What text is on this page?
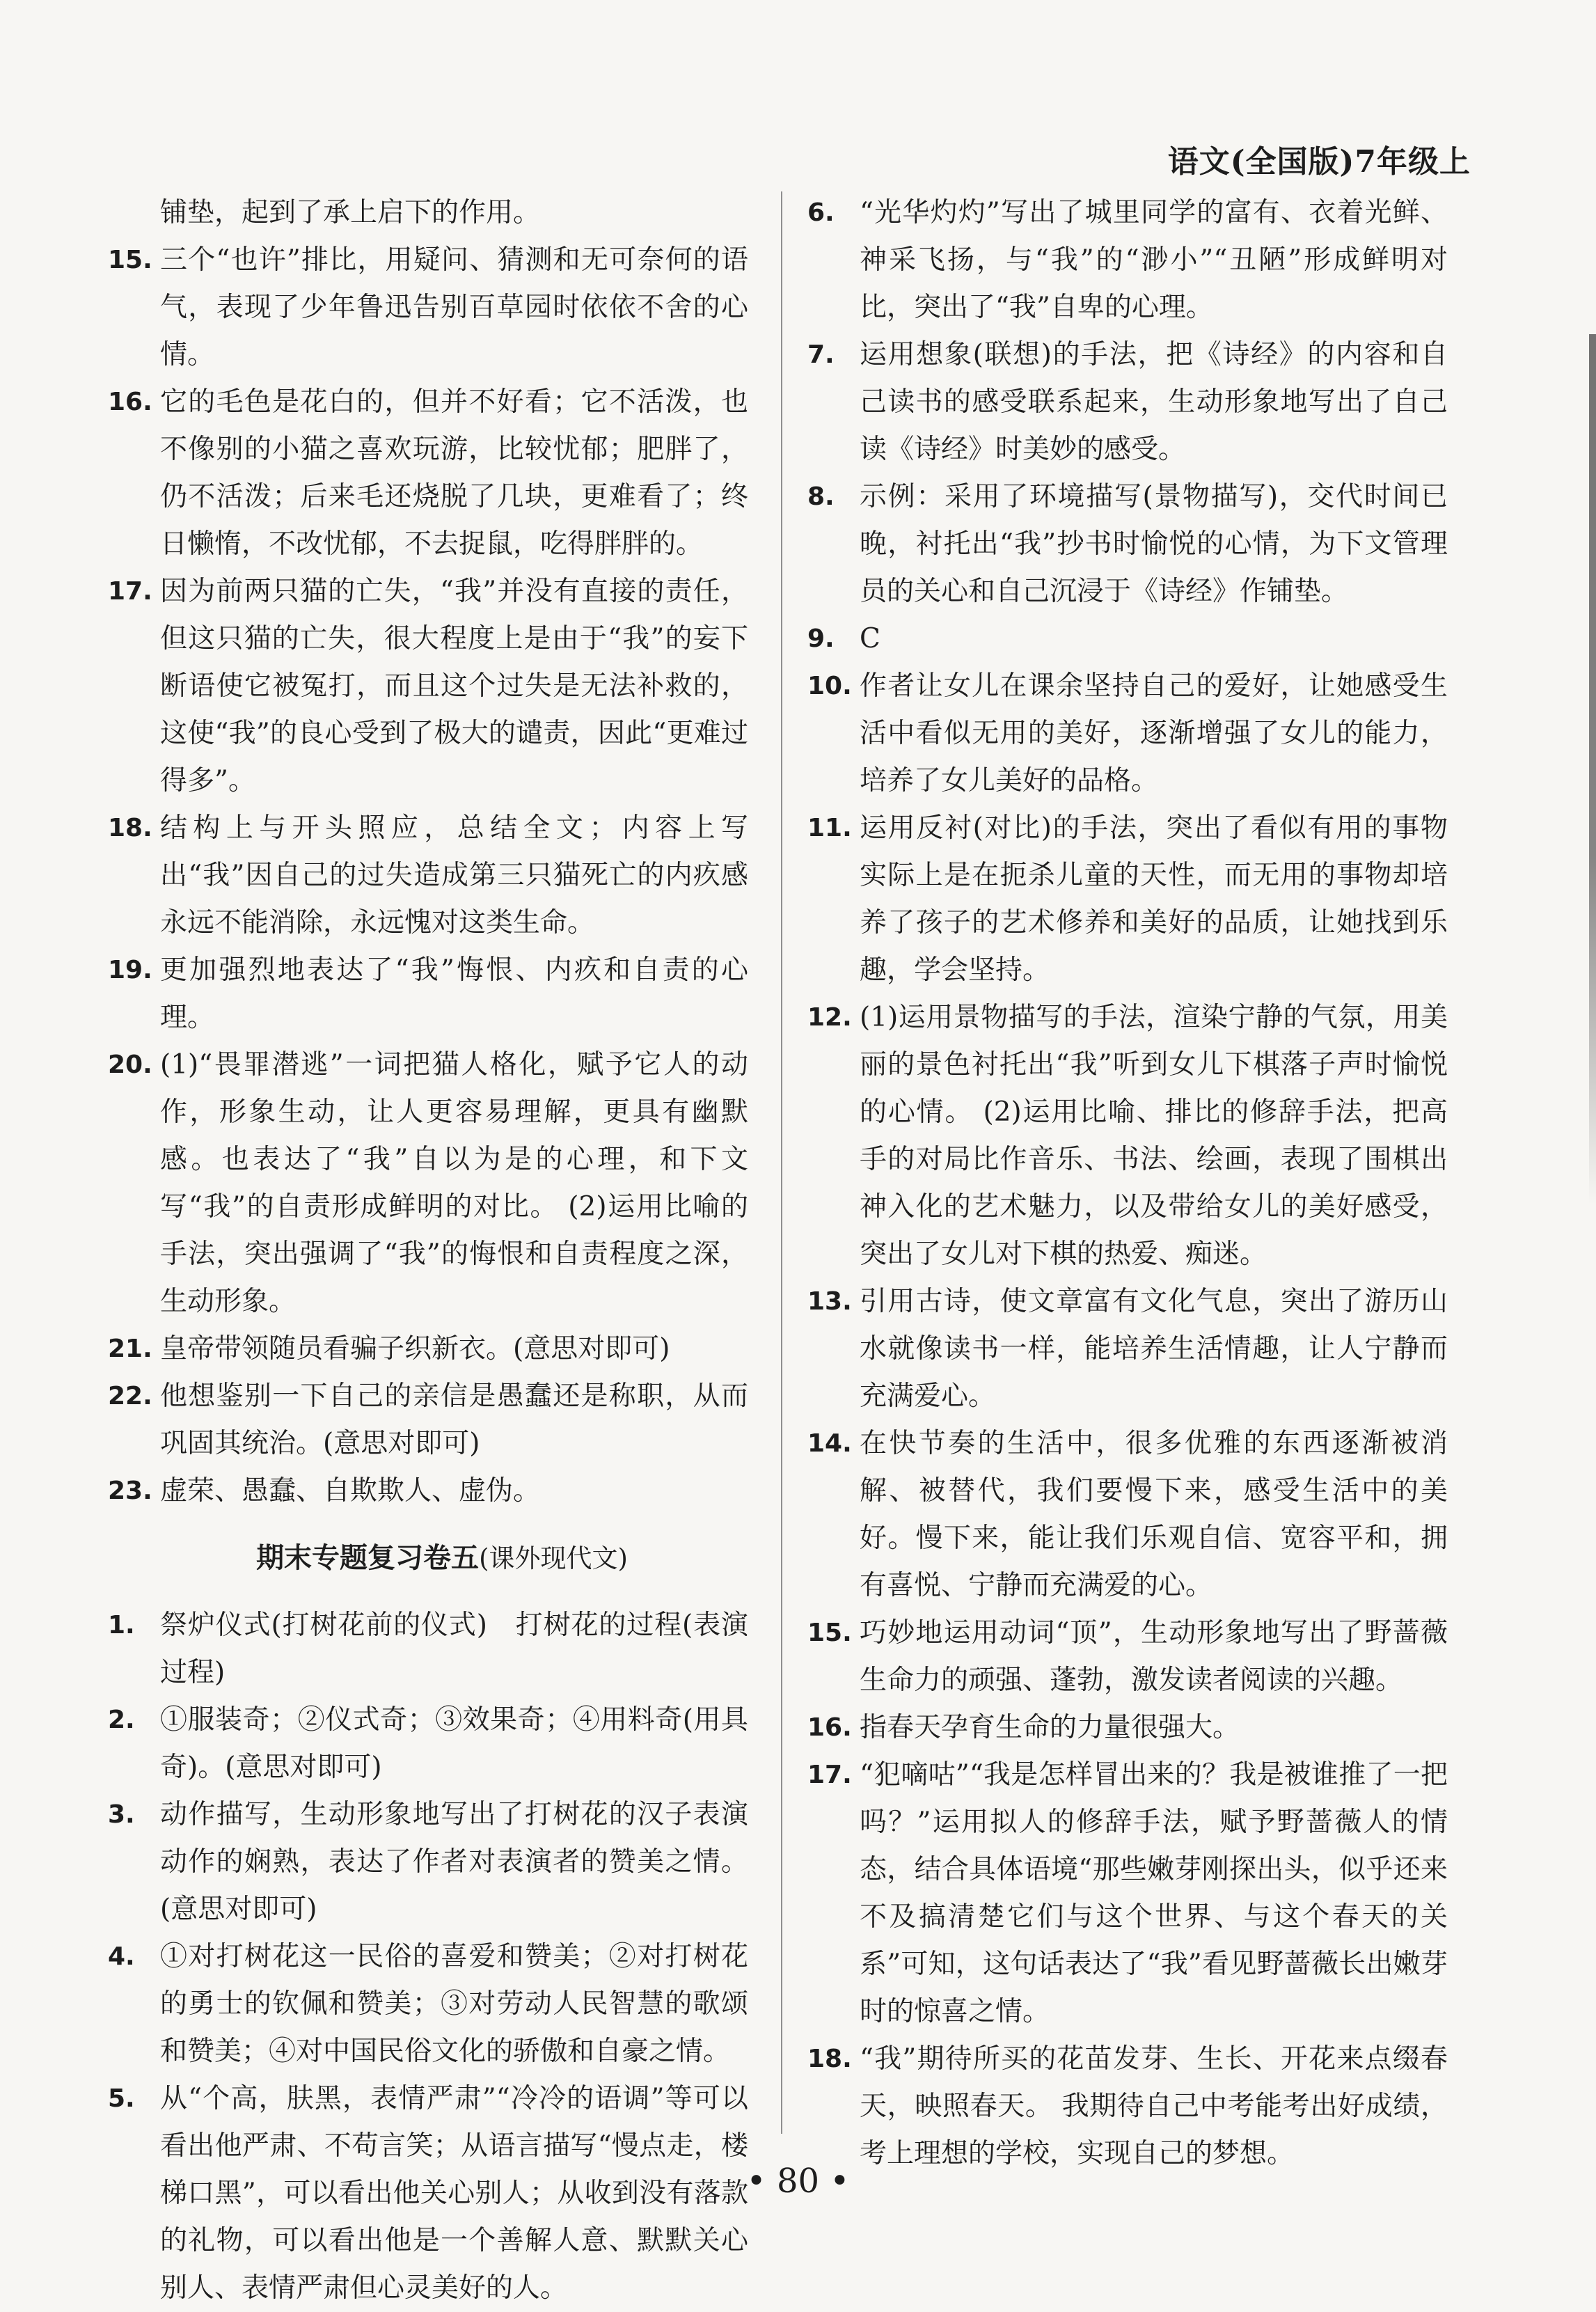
语文(全国版)7年级上
铺垫，起到了承上启下的作用。
15. 三个“也许”排比，用疑问、猜测和无可奈何的语气，表现了少年鲁迅告别百草园时依依不舍的心情。
16. 它的毛色是花白的，但并不好看；它不活泼，也不像别的小猫之喜欢玩游，比较忧郁；肥胖了，仍不活泼；后来毛还烧脱了几块，更难看了；终日懒惰，不改忧郁，不去捉鼠，吃得胖胖的。
17. 因为前两只猫的亡失，“我”并没有直接的责任，但这只猫的亡失，很大程度上是由于“我”的妄下断语使它被冤打，而且这个过失是无法补救的，这使“我”的良心受到了极大的谴责，因此“更难过得多”。
18. 结构上与开头照应，总结全文；内容上写出“我”因自己的过失造成第三只猫死亡的内疚感永远不能消除，永远愧对这类生命。
19. 更加强烈地表达了“我”悔恨、内疚和自责的心理。
20. (1)“畏罪潜逃”一词把猫人格化，赋予它人的动作，形象生动，让人更容易理解，更具有幽默感。也表达了“我”自以为是的心理，和下文写“我”的自责形成鲜明的对比。 (2)运用比喻的手法，突出强调了“我”的悔恨和自责程度之深，生动形象。
21. 皇帝带领随员看骗子织新衣。(意思对即可)
22. 他想鉴别一下自己的亲信是愚蠢还是称职，从而巩固其统治。(意思对即可)
23. 虚荣、愚蠢、自欺欺人、虚伪。
期末专题复习卷五(课外现代文)
1. 祭炉仪式(打树花前的仪式)　打树花的过程(表演过程)
2. ①服装奇；②仪式奇；③效果奇；④用料奇(用具奇)。(意思对即可)
3. 动作描写，生动形象地写出了打树花的汉子表演动作的娴熟，表达了作者对表演者的赞美之情。(意思对即可)
4. ①对打树花这一民俗的喜爱和赞美；②对打树花的勇士的钦佩和赞美；③对劳动人民智慧的歌颂和赞美；④对中国民俗文化的骄傲和自豪之情。
5. 从“个高，肤黑，表情严肃”“冷冷的语调”等可以看出他严肃、不苟言笑；从语言描写“慢点走，楼梯口黑”，可以看出他关心别人；从收到没有落款的礼物，可以看出他是一个善解人意、默默关心别人、表情严肃但心灵美好的人。
6. “光华灼灼”写出了城里同学的富有、衣着光鲜、神采飞扬，与“我”的“渺小”“丑陋”形成鲜明对比，突出了“我”自卑的心理。
7. 运用想象(联想)的手法，把《诗经》的内容和自己读书的感受联系起来，生动形象地写出了自己读《诗经》时美妙的感受。
8. 示例：采用了环境描写(景物描写)，交代时间已晚，衬托出“我”抄书时愉悦的心情，为下文管理员的关心和自己沉浸于《诗经》作铺垫。
9. C
10. 作者让女儿在课余坚持自己的爱好，让她感受生活中看似无用的美好，逐渐增强了女儿的能力，培养了女儿美好的品格。
11. 运用反衬(对比)的手法，突出了看似有用的事物实际上是在扼杀儿童的天性，而无用的事物却培养了孩子的艺术修养和美好的品质，让她找到乐趣，学会坚持。
12. (1)运用景物描写的手法，渲染宁静的气氛，用美丽的景色衬托出“我”听到女儿下棋落子声时愉悦的心情。 (2)运用比喻、排比的修辞手法，把高手的对局比作音乐、书法、绘画，表现了围棋出神入化的艺术魅力，以及带给女儿的美好感受，突出了女儿对下棋的热爱、痴迷。
13. 引用古诗，使文章富有文化气息，突出了游历山水就像读书一样，能培养生活情趣，让人宁静而充满爱心。
14. 在快节奏的生活中，很多优雅的东西逐渐被消解、被替代，我们要慢下来，感受生活中的美好。慢下来，能让我们乐观自信、宽容平和，拥有喜悦、宁静而充满爱的心。
15. 巧妙地运用动词“顶”，生动形象地写出了野蔷薇生命力的顽强、蓬勃，激发读者阅读的兴趣。
16. 指春天孕育生命的力量很强大。
17. “犯嘀咕”“我是怎样冒出来的？我是被谁推了一把吗？”运用拟人的修辞手法，赋予野蔷薇人的情态，结合具体语境“那些嫩芽刚探出头，似乎还来不及搞清楚它们与这个世界、与这个春天的关系”可知，这句话表达了“我”看见野蔷薇长出嫩芽时的惊喜之情。
18. “我”期待所买的花苗发芽、生长、开花来点缀春天，映照春天。 我期待自己中考能考出好成绩，考上理想的学校，实现自己的梦想。
• 80 •
